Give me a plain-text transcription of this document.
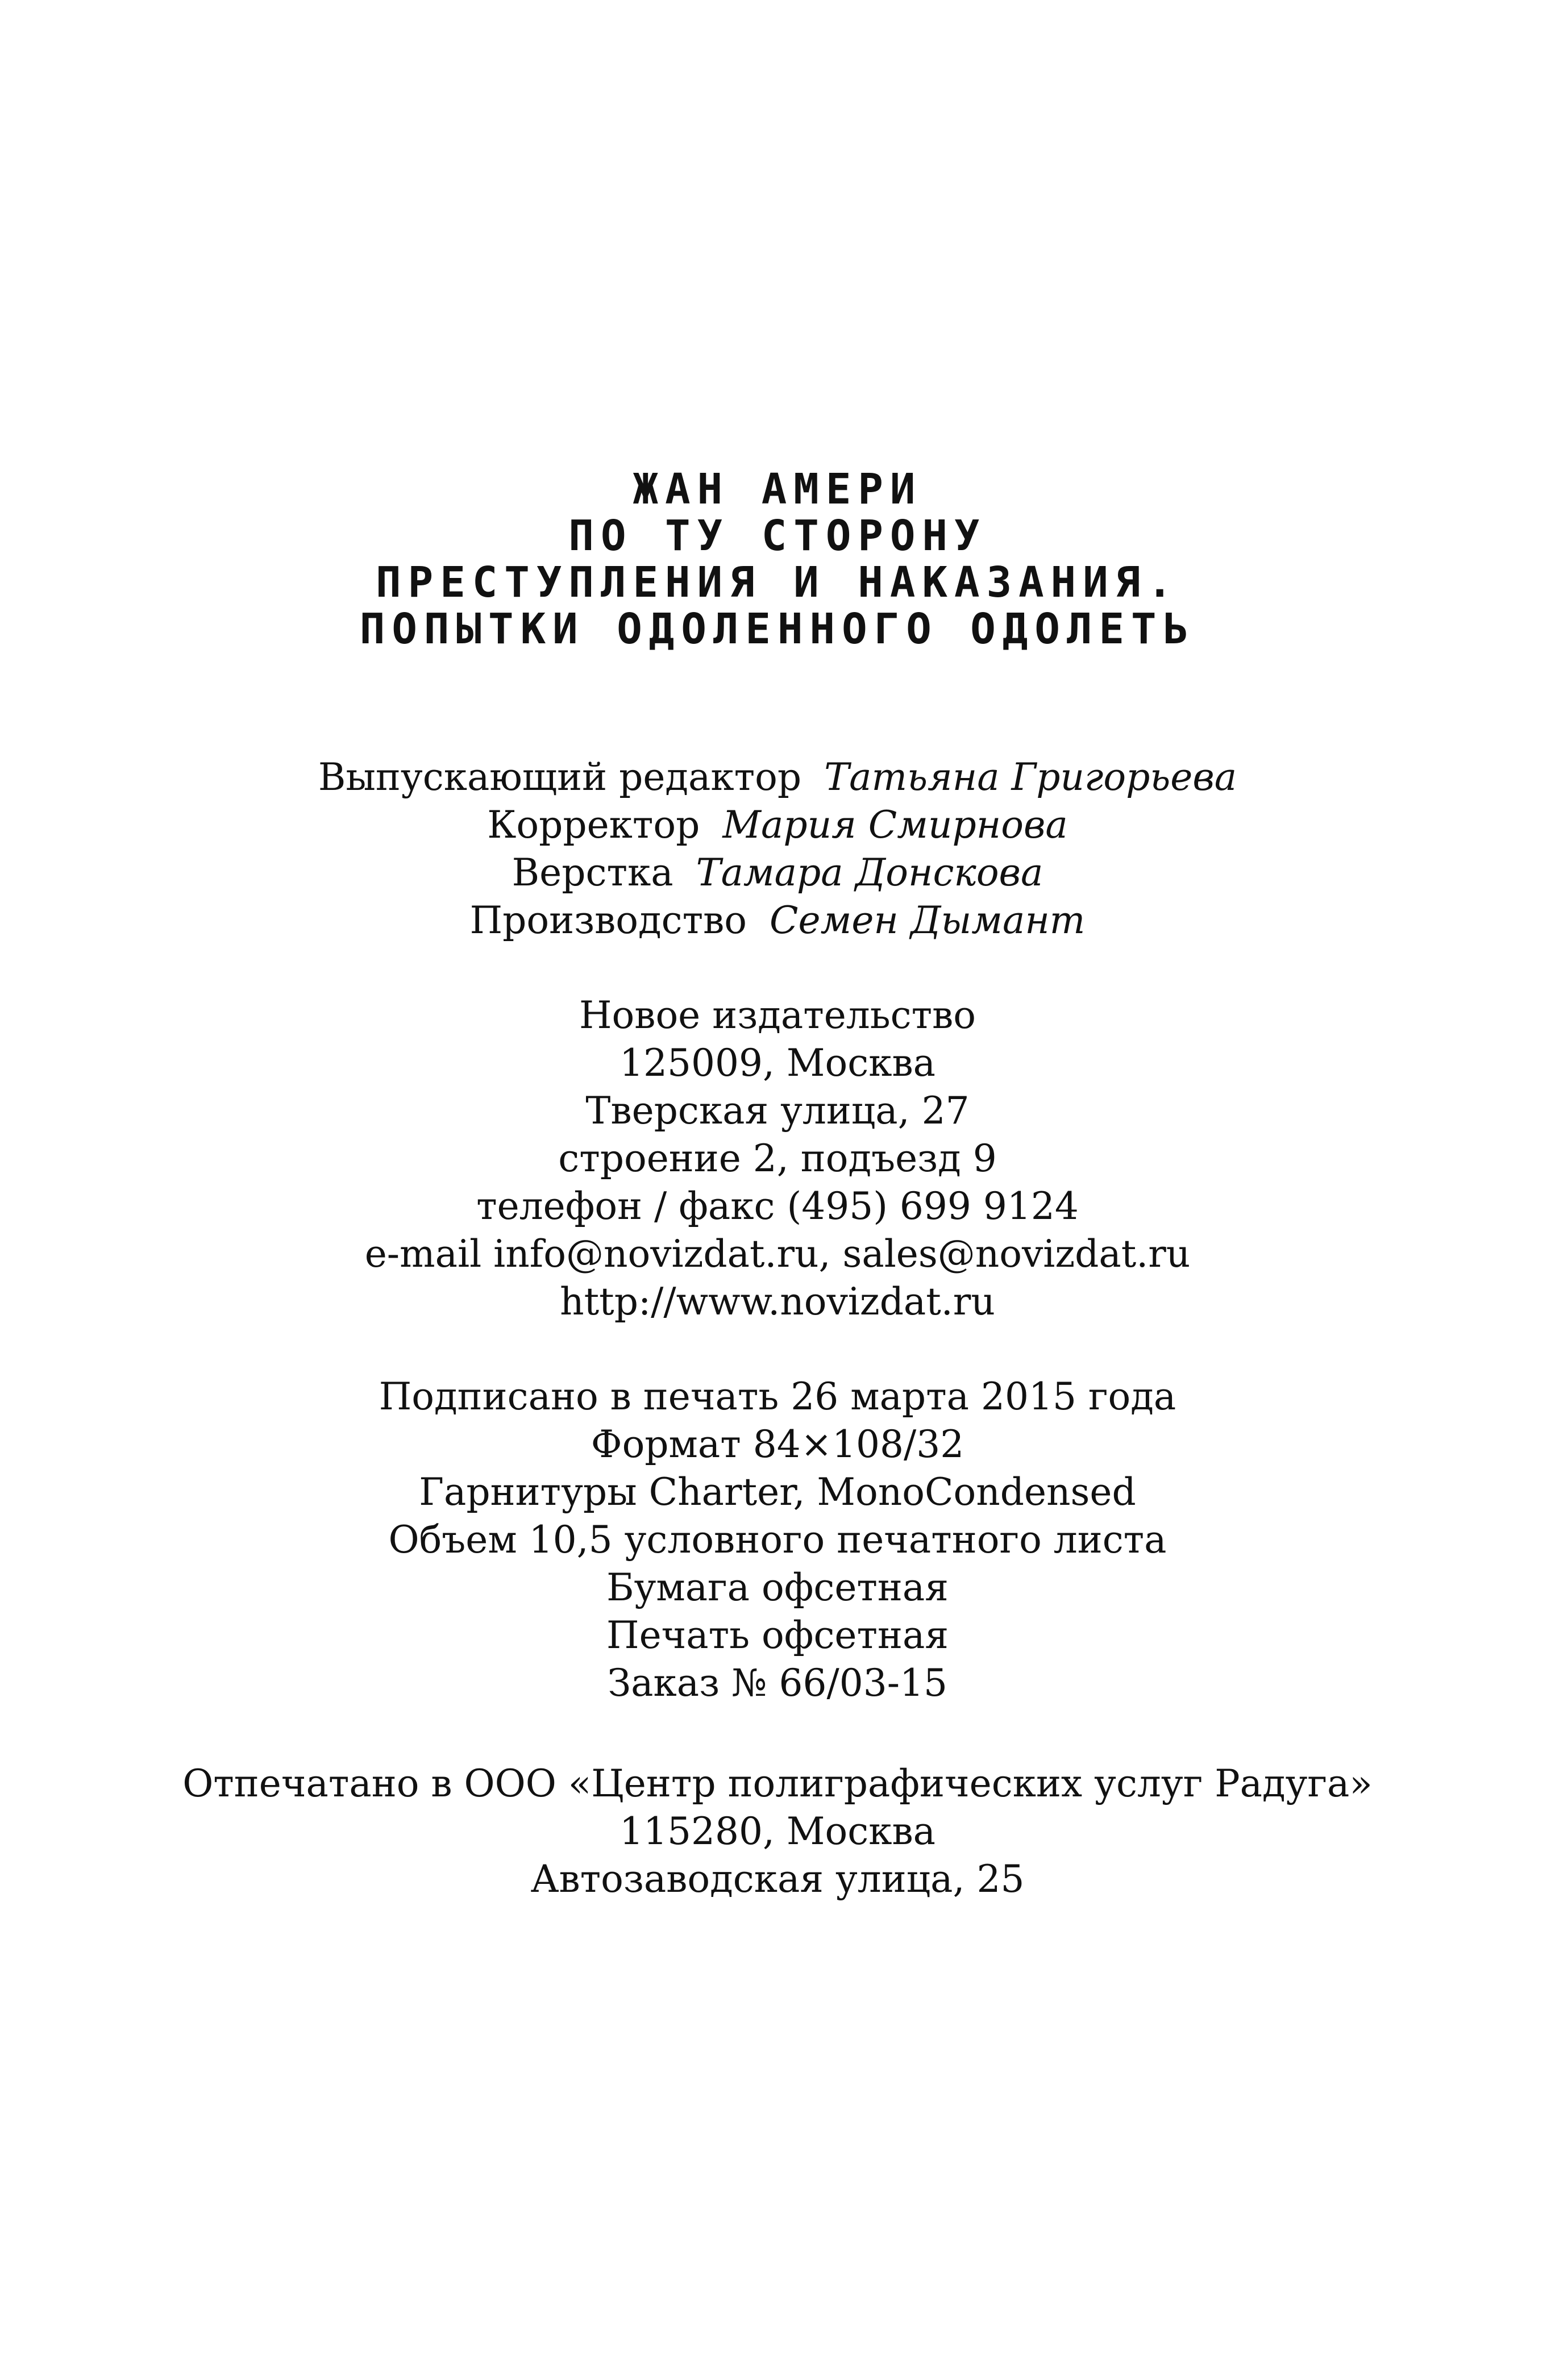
ЖАН АМЕРИ
ПО ТУ СТОРОНУ
ПРЕСТУПЛЕНИЯ И НАКАЗАНИЯ.
ПОПЫТКИ ОДОЛЕННОГО ОДОЛЕТЬ
Выпускающий редактор Татьяна Григорьева
Корректор Мария Смирнова
Верстка Тамара Донскова
Производство Семен Дымант
Новое издательство
125009, Москва
Тверская улица, 27
строение 2, подъезд 9
телефон / факс (495) 699 9124
e-mail info@novizdat.ru, sales@novizdat.ru
http://www.novizdat.ru
Подписано в печать 26 марта 2015 года
Формат 84×108/32
Гарнитуры Charter, MonoCondensed
Объем 10,5 условного печатного листа
Бумага офсетная
Печать офсетная
Заказ № 66/03-15
Отпечатано в ООО «Центр полиграфических услуг Радуга»
115280, Москва
Автозаводская улица, 25
